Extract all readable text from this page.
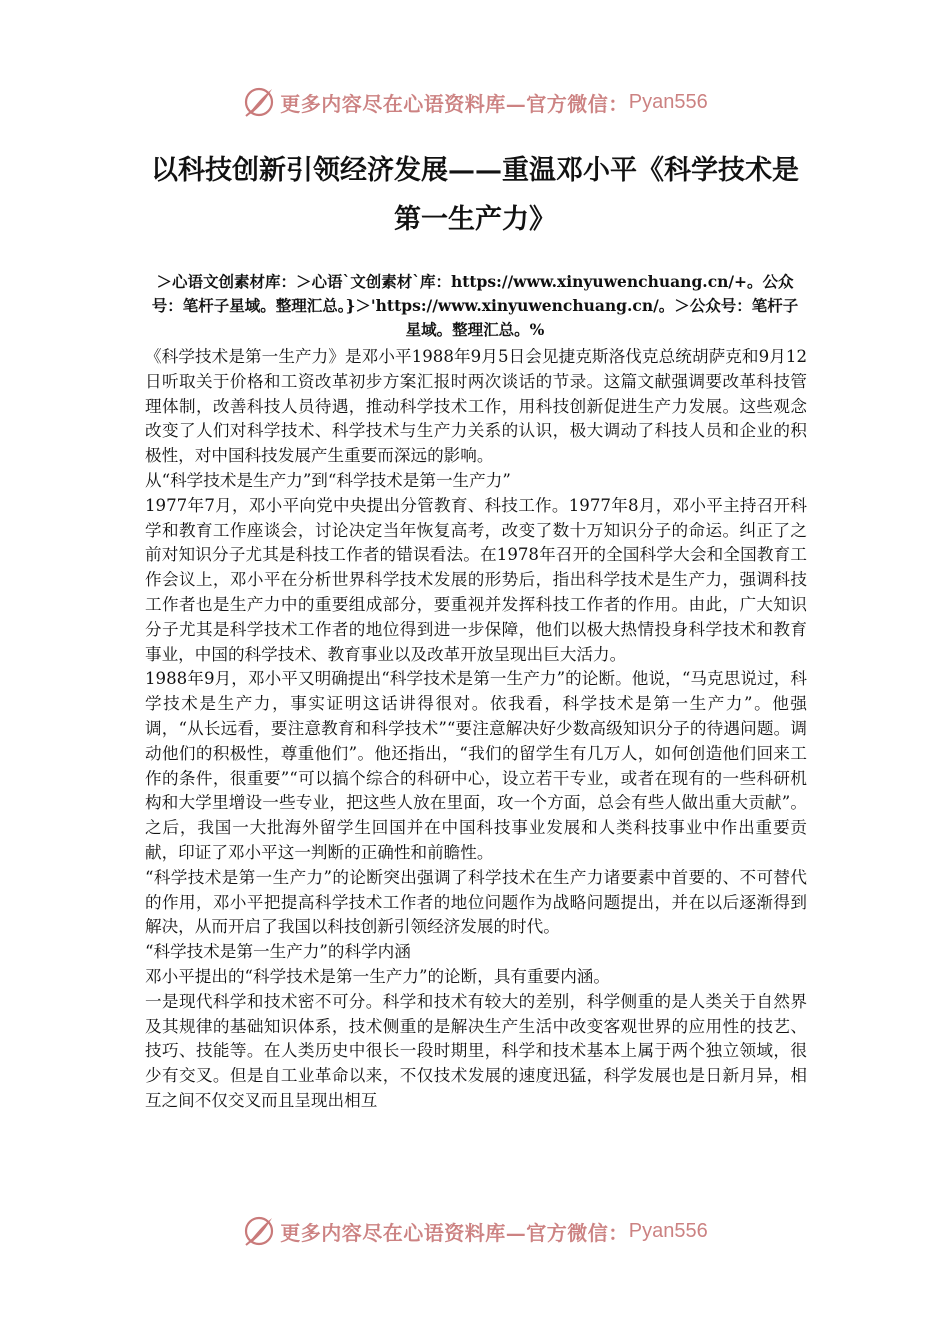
更多内容尽在心语资料库—官方微信： Pyan556
以科技创新引领经济发展——重温邓小平《科学技术是第一生产力》

＞心语文创素材库：＞心语`文创素材`库：https://www.xinyuwenchuang.cn/+。公众号：笔杆子星域。整理汇总。}＞'https://www.xinyuwenchuang.cn/。＞公众号：笔杆子星域。整理汇总。%

《科学技术是第一生产力》是邓小平1988年9月5日会见捷克斯洛伐克总统胡萨克和9月12日听取关于价格和工资改革初步方案汇报时两次谈话的节录。这篇文献强调要改革科技管理体制，改善科技人员待遇，推动科学技术工作，用科技创新促进生产力发展。这些观念改变了人们对科学技术、科学技术与生产力关系的认识，极大调动了科技人员和企业的积极性，对中国科技发展产生重要而深远的影响。

从“科学技术是生产力”到“科学技术是第一生产力”

1977年7月，邓小平向党中央提出分管教育、科技工作。1977年8月，邓小平主持召开科学和教育工作座谈会，讨论决定当年恢复高考，改变了数十万知识分子的命运。纠正了之前对知识分子尤其是科技工作者的错误看法。在1978年召开的全国科学大会和全国教育工作会议上，邓小平在分析世界科学技术发展的形势后，指出科学技术是生产力，强调科技工作者也是生产力中的重要组成部分，要重视并发挥科技工作者的作用。由此，广大知识分子尤其是科学技术工作者的地位得到进一步保障，他们以极大热情投身科学技术和教育事业，中国的科学技术、教育事业以及改革开放呈现出巨大活力。

1988年9月，邓小平又明确提出“科学技术是第一生产力”的论断。他说，“马克思说过，科学技术是生产力，事实证明这话讲得很对。依我看，科学技术是第一生产力”。他强调，“从长远看，要注意教育和科学技术”“要注意解决好少数高级知识分子的待遇问题。调动他们的积极性，尊重他们”。他还指出，“我们的留学生有几万人，如何创造他们回来工作的条件，很重要”“可以搞个综合的科研中心，设立若干专业，或者在现有的一些科研机构和大学里增设一些专业，把这些人放在里面，攻一个方面，总会有些人做出重大贡献”。之后，我国一大批海外留学生回国并在中国科技事业发展和人类科技事业中作出重要贡献，印证了邓小平这一判断的正确性和前瞻性。

“科学技术是第一生产力”的论断突出强调了科学技术在生产力诸要素中首要的、不可替代的作用，邓小平把提高科学技术工作者的地位问题作为战略问题提出，并在以后逐渐得到解决，从而开启了我国以科技创新引领经济发展的时代。

“科学技术是第一生产力”的科学内涵

邓小平提出的“科学技术是第一生产力”的论断，具有重要内涵。

一是现代科学和技术密不可分。科学和技术有较大的差别，科学侧重的是人类关于自然界及其规律的基础知识体系，技术侧重的是解决生产生活中改变客观世界的应用性的技艺、技巧、技能等。在人类历史中很长一段时期里，科学和技术基本上属于两个独立领域，很少有交叉。但是自工业革命以来，不仅技术发展的速度迅猛，科学发展也是日新月异，相互之间不仅交叉而且呈现出相互

更多内容尽在心语资料库—官方微信： Pyan556
